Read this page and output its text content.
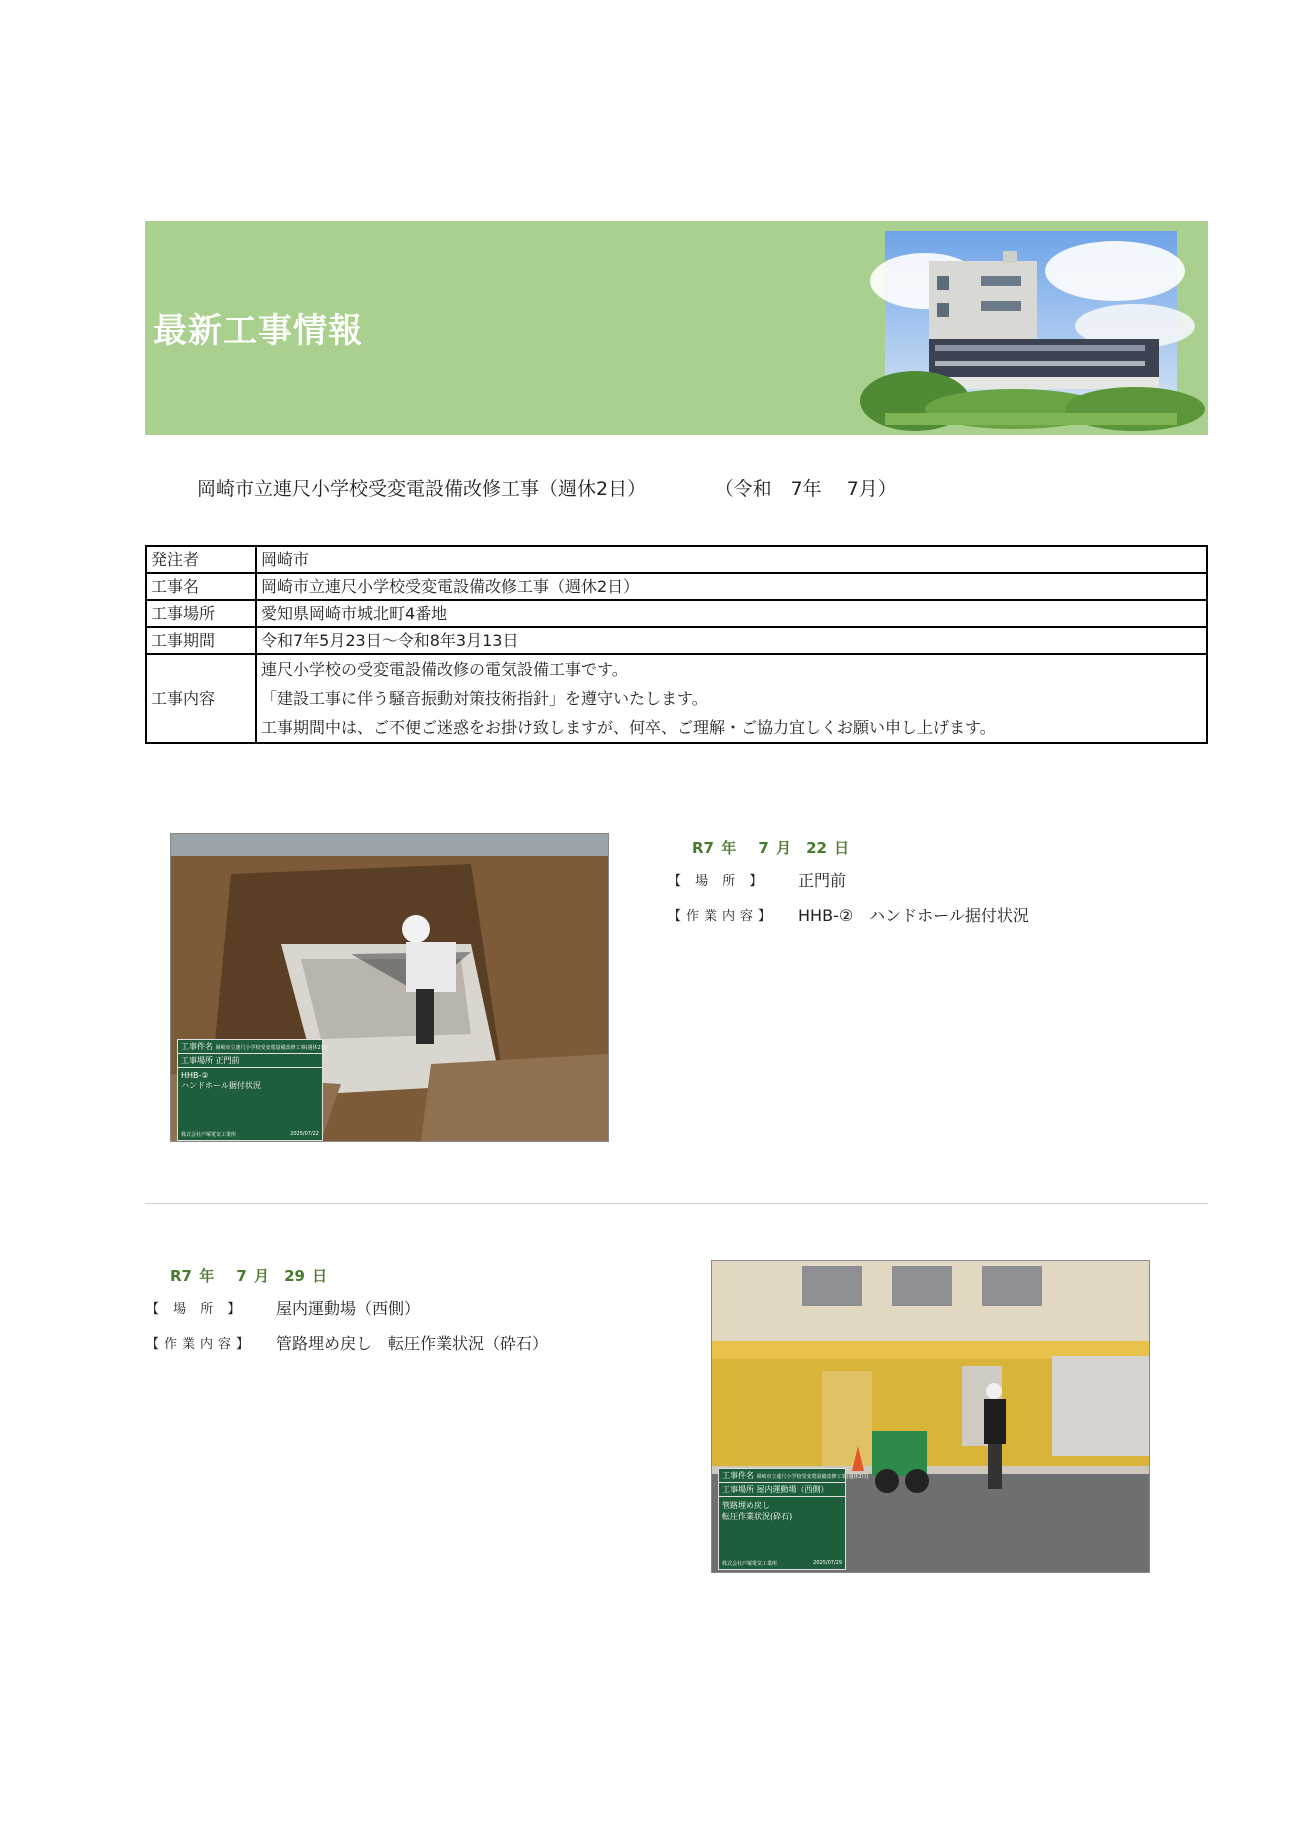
最新工事情報
岡崎市立連尺小学校受変電設備改修工事（週休2日）	（令和　7年　 7月）
発注者	岡崎市
工事名	岡崎市立連尺小学校受変電設備改修工事（週休2日）
工事場所	愛知県岡崎市城北町4番地
工事期間	令和7年5月23日～令和8年3月13日
工事内容	連尺小学校の受変電設備改修の電気設備工事です。
「建設工事に伴う騒音振動対策技術指針」を遵守いたします。
工事期間中は、ご不便ご迷惑をお掛け致しますが、何卒、ご理解・ご協力宜しくお願い申し上げます。
工事件名 岡崎市立連尺小学校受変電設備改修工事(週休2日)
工事場所 正門前
HHB-②
ハンドホール据付状況
株式会社戸塚電気工業所	2025/07/22
R7 年　 7 月　22 日
【 場 所 】	正門前
【作業内容】	HHB-②　ハンドホール据付状況
R7 年　 7 月　29 日
【 場 所 】	屋内運動場（西側）
【作業内容】	管路埋め戻し　転圧作業状況（砕石）
工事件名 岡崎市立連尺小学校受変電設備改修工事(週休2日)
工事場所 屋内運動場（西側）
管路埋め戻し
転圧作業状況(砕石)
株式会社戸塚電気工業所	2025/07/29
